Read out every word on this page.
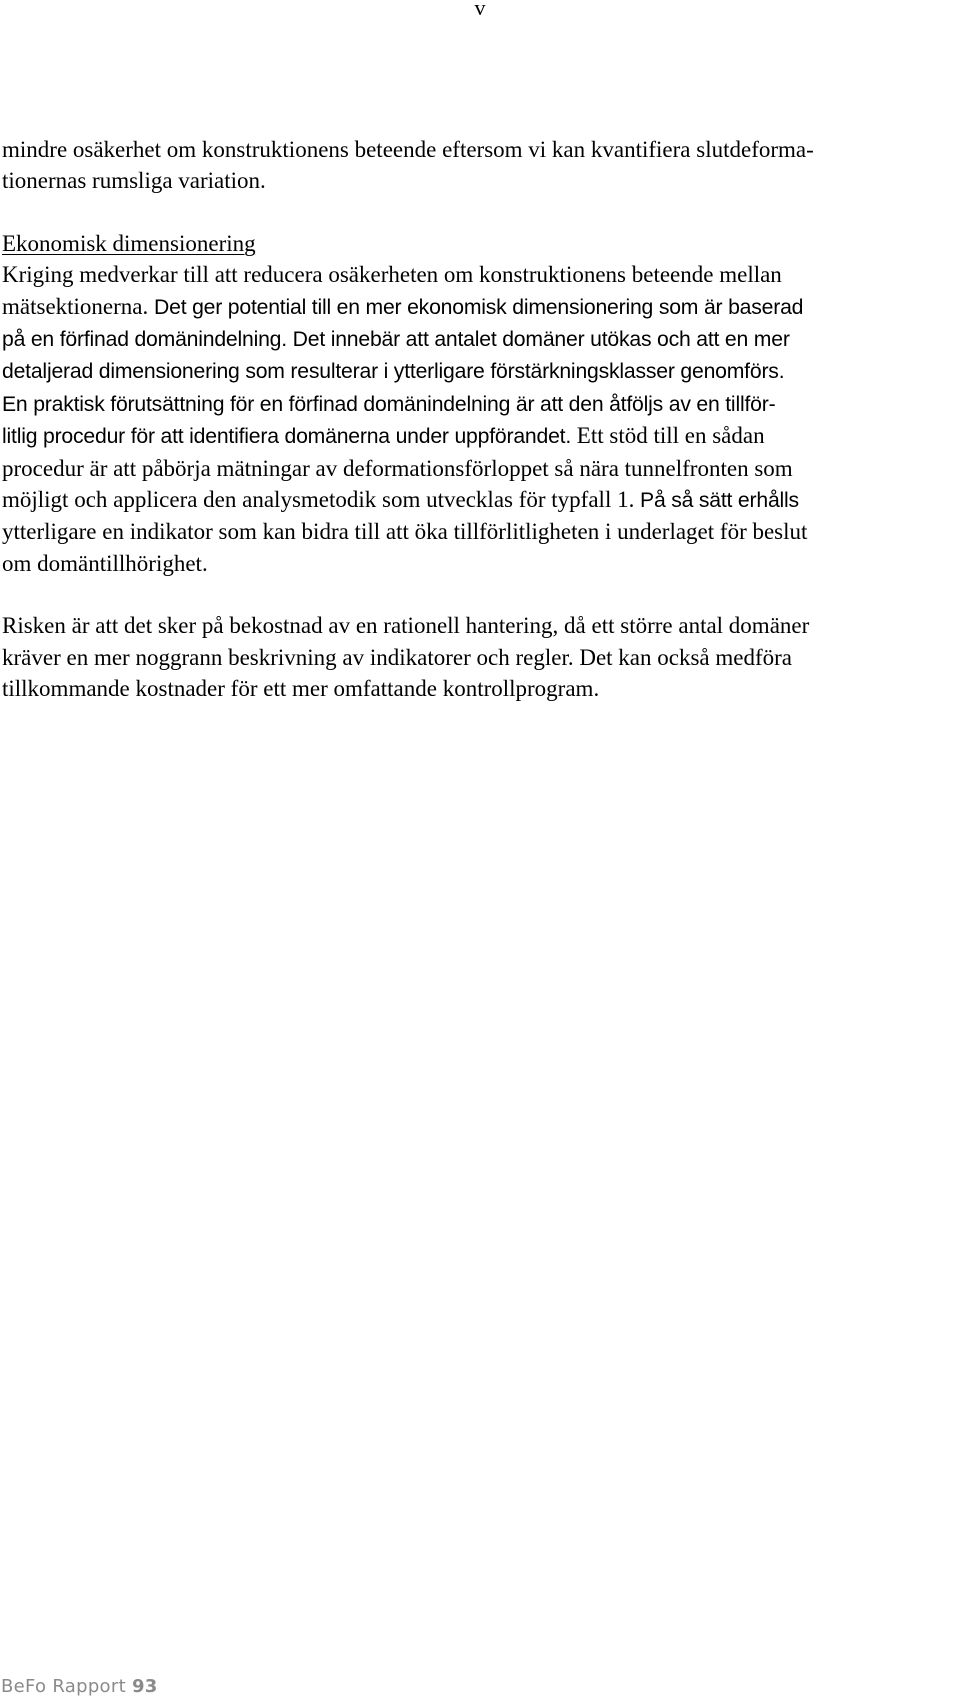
v

mindre osäkerhet om konstruktionens beteende eftersom vi kan kvantifiera slutdeforma-
tionernas rumsliga variation.

Ekonomisk dimensionering
Kriging medverkar till att reducera osäkerheten om konstruktionens beteende mellan
mätsektionerna. Det ger potential till en mer ekonomisk dimensionering som är baserad
på en förfinad domänindelning. Det innebär att antalet domäner utökas och att en mer
detaljerad dimensionering som resulterar i ytterligare förstärkningsklasser genomförs.
En praktisk förutsättning för en förfinad domänindelning är att den åtföljs av en tillför-
litlig procedur för att identifiera domänerna under uppförandet. Ett stöd till en sådan
procedur är att påbörja mätningar av deformationsförloppet så nära tunnelfronten som
möjligt och applicera den analysmetodik som utvecklas för typfall 1. På så sätt erhålls
ytterligare en indikator som kan bidra till att öka tillförlitligheten i underlaget för beslut
om domäntillhörighet.

Risken är att det sker på bekostnad av en rationell hantering, då ett större antal domäner
kräver en mer noggrann beskrivning av indikatorer och regler. Det kan också medföra
tillkommande kostnader för ett mer omfattande kontrollprogram.

BeFo Rapport 93
